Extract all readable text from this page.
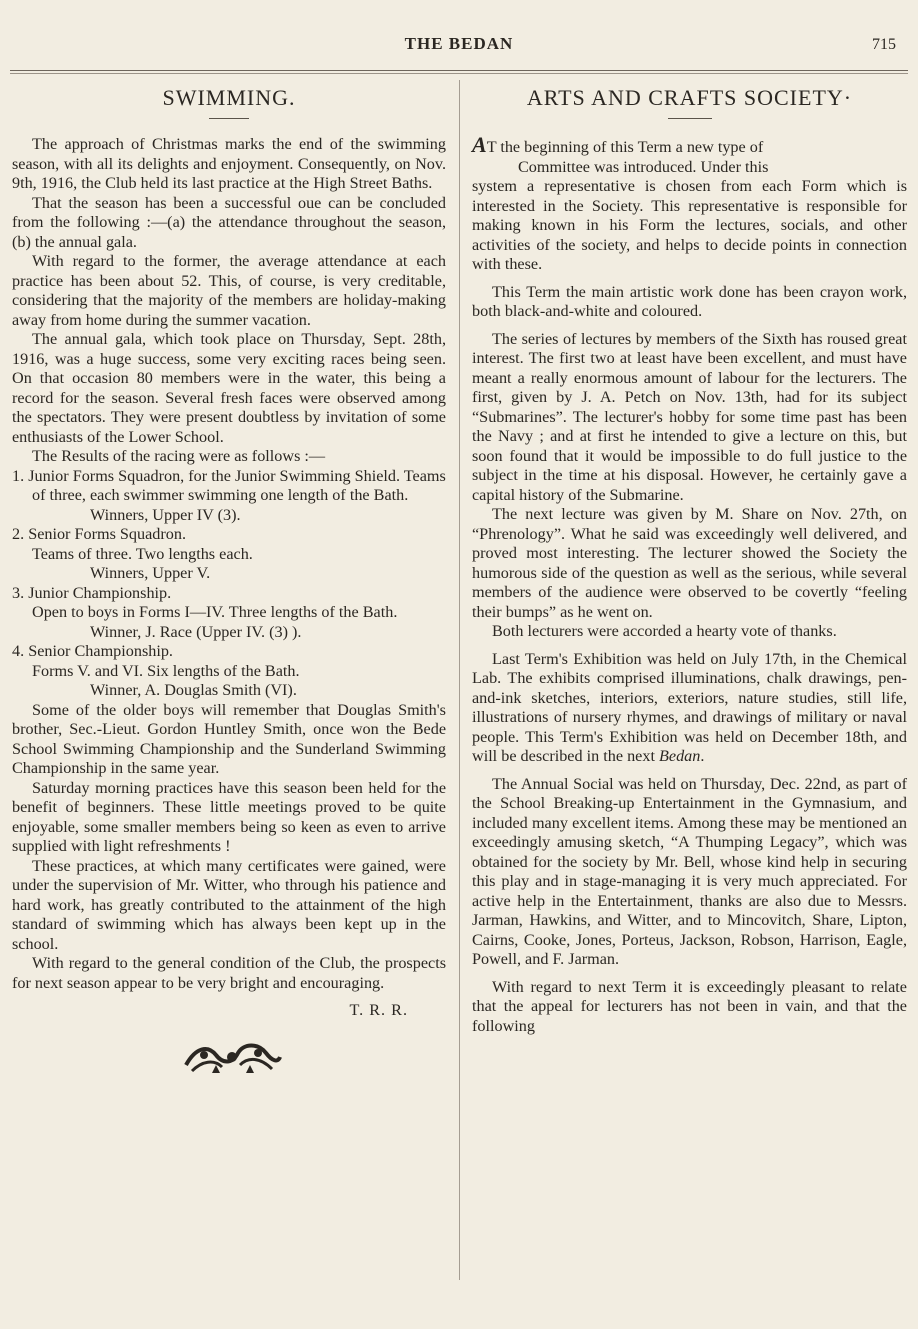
THE BEDAN	715
SWIMMING.

The approach of Christmas marks the end of the swimming season, with all its delights and enjoyment. Consequently, on Nov. 9th, 1916, the Club held its last practice at the High Street Baths.

That the season has been a successful oue can be concluded from the following :—(a) the attendance throughout the season, (b) the annual gala.

With regard to the former, the average attendance at each practice has been about 52. This, of course, is very creditable, considering that the majority of the members are holiday-making away from home during the summer vacation.

The annual gala, which took place on Thursday, Sept. 28th, 1916, was a huge success, some very exciting races being seen. On that occasion 80 members were in the water, this being a record for the season. Several fresh faces were observed among the spectators. They were present doubtless by invitation of some enthusiasts of the Lower School.

The Results of the racing were as follows :—

1. Junior Forms Squadron, for the Junior Swimming Shield. Teams of three, each swimmer swimming one length of the Bath.
Winners, Upper IV (3).
2. Senior Forms Squadron.
Teams of three. Two lengths each.
Winners, Upper V.
3. Junior Championship.
Open to boys in Forms I—IV. Three lengths of the Bath.
Winner, J. Race (Upper IV. (3) ).
4. Senior Championship.
Forms V. and VI. Six lengths of the Bath.
Winner, A. Douglas Smith (VI).

Some of the older boys will remember that Douglas Smith's brother, Sec.-Lieut. Gordon Huntley Smith, once won the Bede School Swimming Championship and the Sunderland Swimming Championship in the same year.

Saturday morning practices have this season been held for the benefit of beginners. These little meetings proved to be quite enjoyable, some smaller members being so keen as even to arrive supplied with light refreshments !

These practices, at which many certificates were gained, were under the supervision of Mr. Witter, who through his patience and hard work, has greatly contributed to the attainment of the high standard of swimming which has always been kept up in the school.

With regard to the general condition of the Club, the prospects for next season appear to be very bright and encouraging.

T. R. R.
ARTS AND CRAFTS SOCIETY·

AT the beginning of this Term a new type of

Committee was introduced. Under this

system a representative is chosen from each Form which is interested in the Society. This representative is responsible for making known in his Form the lectures, socials, and other activities of the society, and helps to decide points in connection with these.

This Term the main artistic work done has been crayon work, both black-and-white and coloured.

The series of lectures by members of the Sixth has roused great interest. The first two at least have been excellent, and must have meant a really enormous amount of labour for the lecturers. The first, given by J. A. Petch on Nov. 13th, had for its subject “Submarines”. The lecturer's hobby for some time past has been the Navy ; and at first he intended to give a lecture on this, but soon found that it would be impossible to do full justice to the subject in the time at his disposal. However, he certainly gave a capital history of the Submarine.

The next lecture was given by M. Share on Nov. 27th, on “Phrenology”. What he said was exceedingly well delivered, and proved most interesting. The lecturer showed the Society the humorous side of the question as well as the serious, while several members of the audience were observed to be covertly “feeling their bumps” as he went on.

Both lecturers were accorded a hearty vote of thanks.

Last Term's Exhibition was held on July 17th, in the Chemical Lab. The exhibits comprised illuminations, chalk drawings, pen-and-ink sketches, interiors, exteriors, nature studies, still life, illustrations of nursery rhymes, and drawings of military or naval people. This Term's Exhibition was held on December 18th, and will be described in the next Bedan.

The Annual Social was held on Thursday, Dec. 22nd, as part of the School Breaking-up Entertainment in the Gymnasium, and included many excellent items. Among these may be mentioned an exceedingly amusing sketch, “A Thumping Legacy”, which was obtained for the society by Mr. Bell, whose kind help in securing this play and in stage-managing it is very much appreciated. For active help in the Entertainment, thanks are also due to Messrs. Jarman, Hawkins, and Witter, and to Mincovitch, Share, Lipton, Cairns, Cooke, Jones, Porteus, Jackson, Robson, Harrison, Eagle, Powell, and F. Jarman.

With regard to next Term it is exceedingly pleasant to relate that the appeal for lecturers has not been in vain, and that the following
